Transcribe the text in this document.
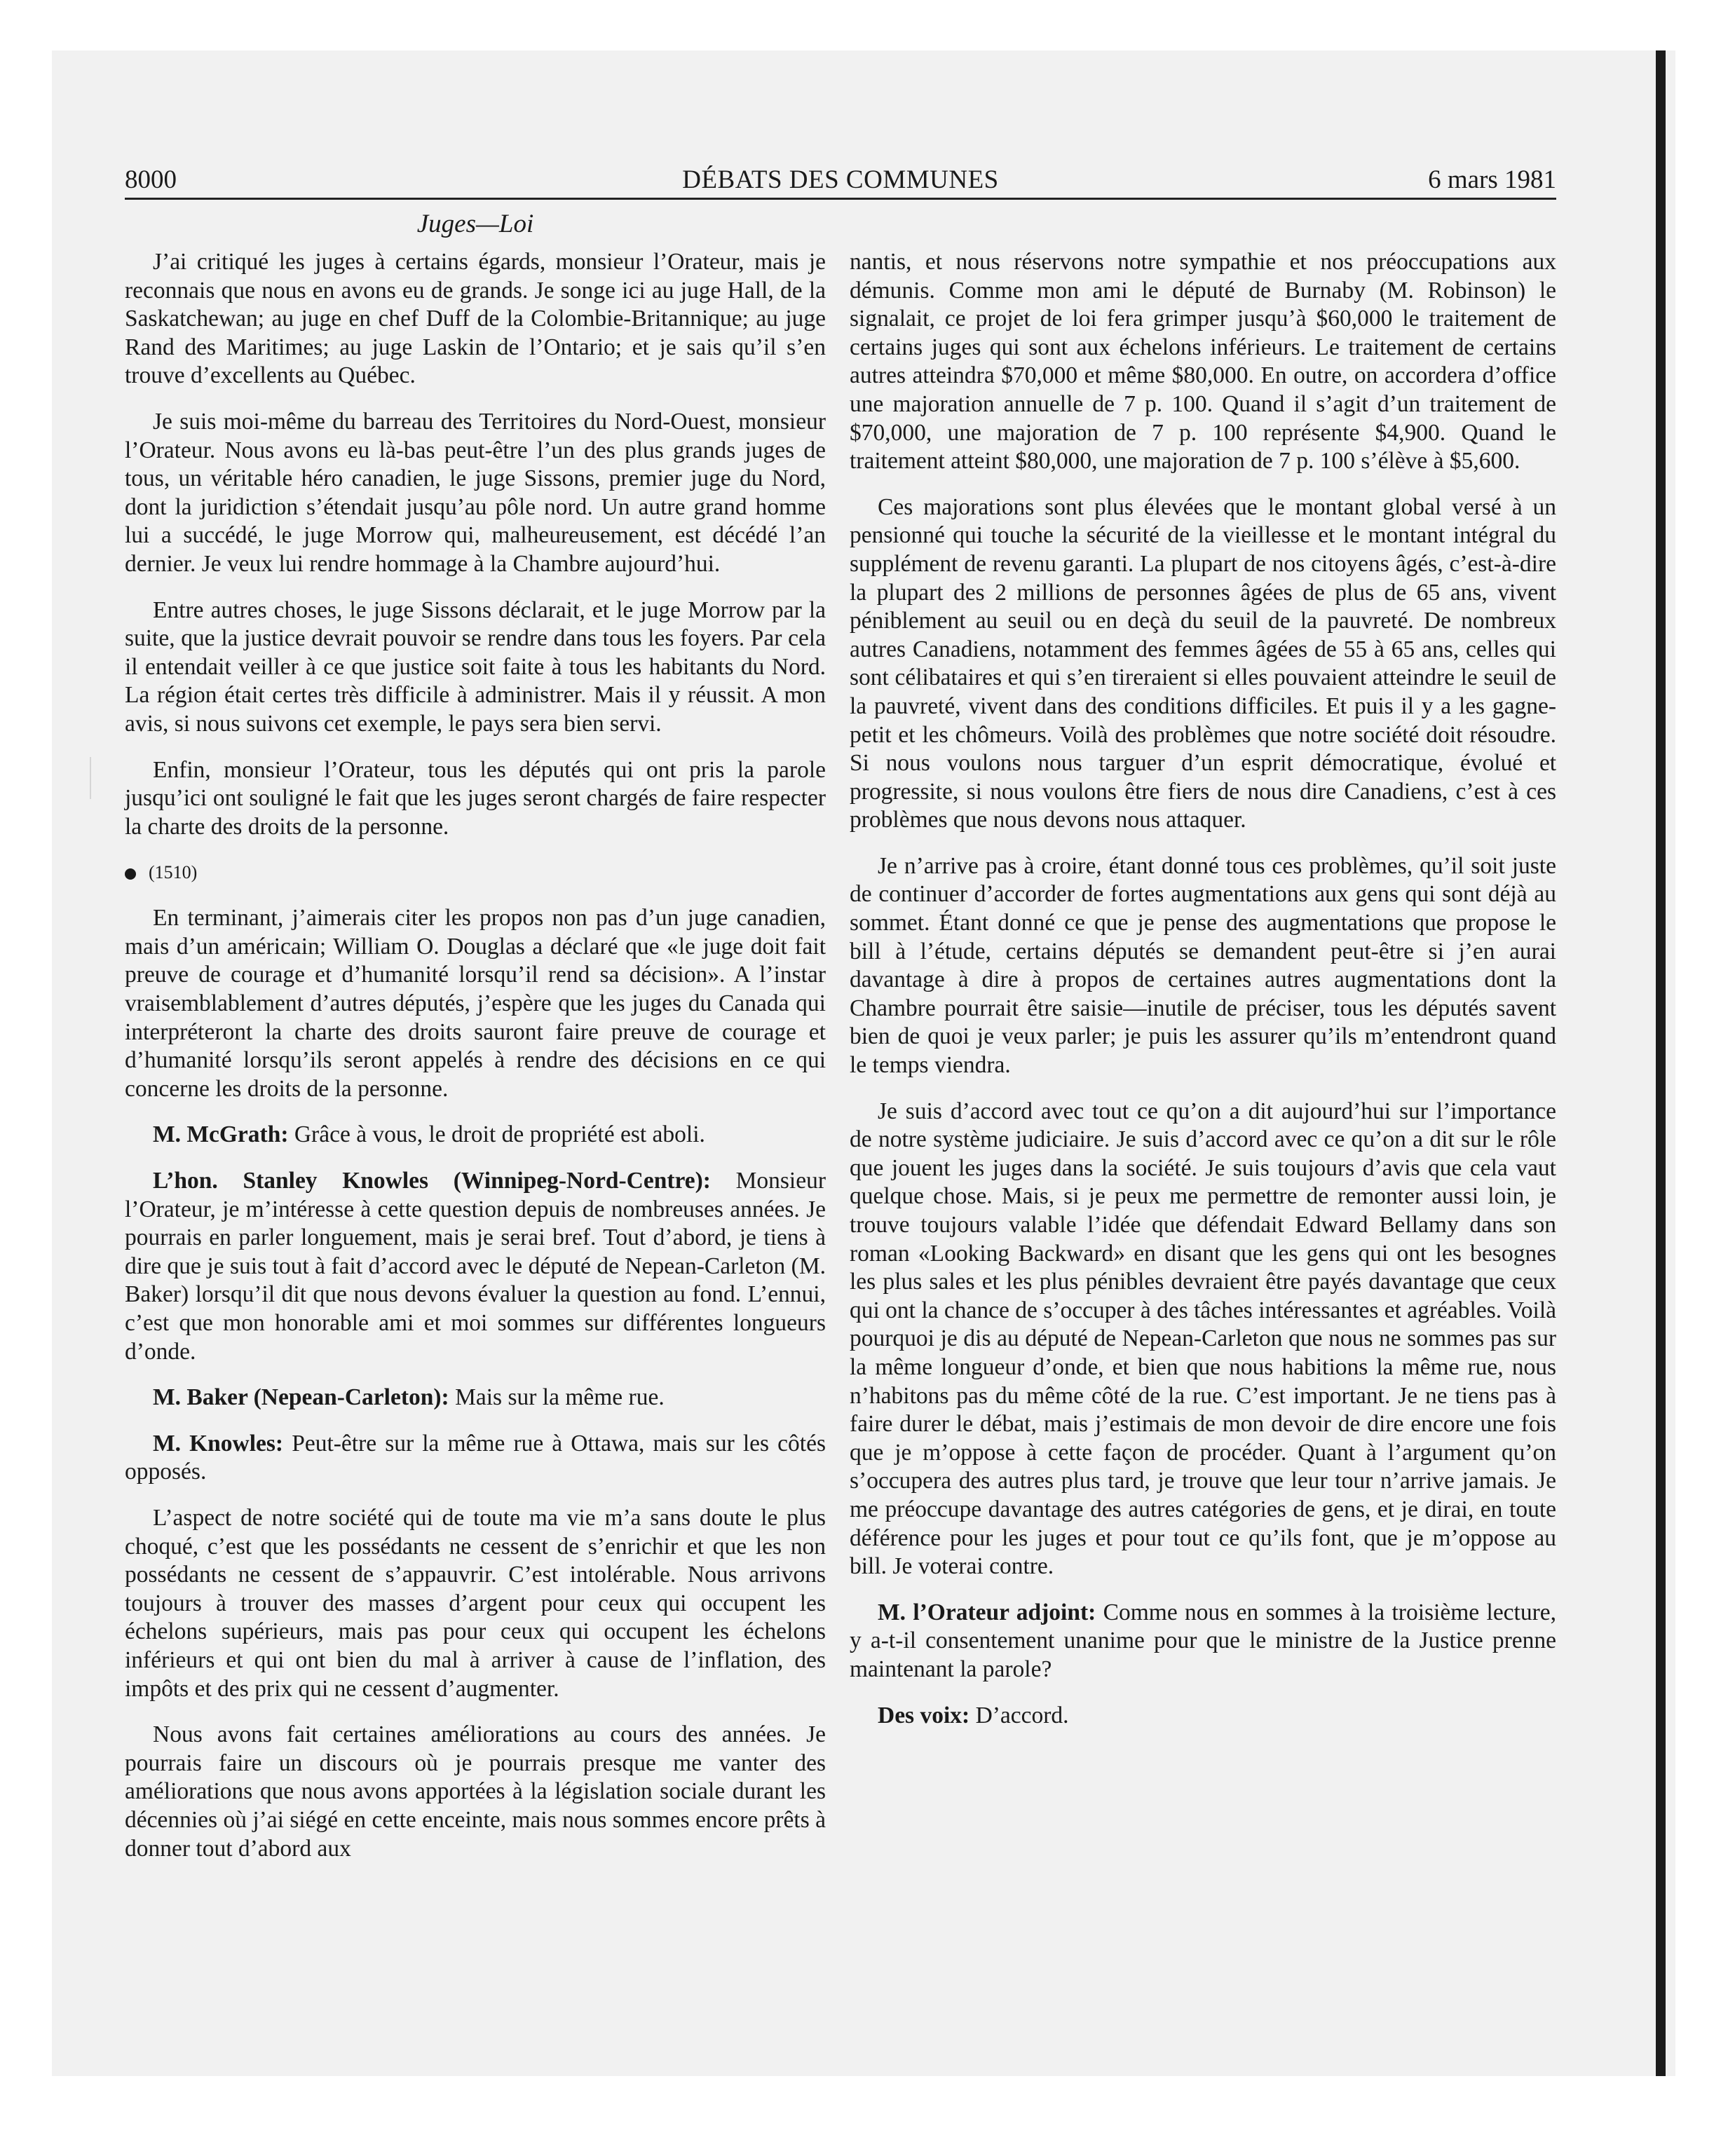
8000	DÉBATS DES COMMUNES	6 mars 1981
Juges—Loi

J’ai critiqué les juges à certains égards, monsieur l’Orateur, mais je reconnais que nous en avons eu de grands. Je songe ici au juge Hall, de la Saskatchewan; au juge en chef Duff de la Colombie-Britannique; au juge Rand des Maritimes; au juge Laskin de l’Ontario; et je sais qu’il s’en trouve d’excellents au Québec.

Je suis moi-même du barreau des Territoires du Nord-Ouest, monsieur l’Orateur. Nous avons eu là-bas peut-être l’un des plus grands juges de tous, un véritable héro canadien, le juge Sissons, premier juge du Nord, dont la juridiction s’étendait jusqu’au pôle nord. Un autre grand homme lui a succédé, le juge Morrow qui, malheureusement, est décédé l’an dernier. Je veux lui rendre hommage à la Chambre aujourd’hui.

Entre autres choses, le juge Sissons déclarait, et le juge Morrow par la suite, que la justice devrait pouvoir se rendre dans tous les foyers. Par cela il entendait veiller à ce que justice soit faite à tous les habitants du Nord. La région était certes très difficile à administrer. Mais il y réussit. A mon avis, si nous suivons cet exemple, le pays sera bien servi.

Enfin, monsieur l’Orateur, tous les députés qui ont pris la parole jusqu’ici ont souligné le fait que les juges seront chargés de faire respecter la charte des droits de la personne.

(1510)

En terminant, j’aimerais citer les propos non pas d’un juge canadien, mais d’un américain; William O. Douglas a déclaré que «le juge doit fait preuve de courage et d’humanité lorsqu’il rend sa décision». A l’instar vraisemblablement d’autres députés, j’espère que les juges du Canada qui interpréteront la charte des droits sauront faire preuve de courage et d’humanité lorsqu’ils seront appelés à rendre des décisions en ce qui concerne les droits de la personne.

M. McGrath: Grâce à vous, le droit de propriété est aboli.

L’hon. Stanley Knowles (Winnipeg-Nord-Centre): Monsieur l’Orateur, je m’intéresse à cette question depuis de nombreuses années. Je pourrais en parler longuement, mais je serai bref. Tout d’abord, je tiens à dire que je suis tout à fait d’accord avec le député de Nepean-Carleton (M. Baker) lorsqu’il dit que nous devons évaluer la question au fond. L’ennui, c’est que mon honorable ami et moi sommes sur différentes longueurs d’onde.

M. Baker (Nepean-Carleton): Mais sur la même rue.

M. Knowles: Peut-être sur la même rue à Ottawa, mais sur les côtés opposés.

L’aspect de notre société qui de toute ma vie m’a sans doute le plus choqué, c’est que les possédants ne cessent de s’enrichir et que les non possédants ne cessent de s’appauvrir. C’est intolérable. Nous arrivons toujours à trouver des masses d’argent pour ceux qui occupent les échelons supérieurs, mais pas pour ceux qui occupent les échelons inférieurs et qui ont bien du mal à arriver à cause de l’inflation, des impôts et des prix qui ne cessent d’augmenter.

Nous avons fait certaines améliorations au cours des années. Je pourrais faire un discours où je pourrais presque me vanter des améliorations que nous avons apportées à la législation sociale durant les décennies où j’ai siégé en cette enceinte, mais nous sommes encore prêts à donner tout d’abord aux

nantis, et nous réservons notre sympathie et nos préoccupations aux démunis. Comme mon ami le député de Burnaby (M. Robinson) le signalait, ce projet de loi fera grimper jusqu’à $60,000 le traitement de certains juges qui sont aux échelons inférieurs. Le traitement de certains autres atteindra $70,000 et même $80,000. En outre, on accordera d’office une majoration annuelle de 7 p. 100. Quand il s’agit d’un traitement de $70,000, une majoration de 7 p. 100 représente $4,900. Quand le traitement atteint $80,000, une majoration de 7 p. 100 s’élève à $5,600.

Ces majorations sont plus élevées que le montant global versé à un pensionné qui touche la sécurité de la vieillesse et le montant intégral du supplément de revenu garanti. La plupart de nos citoyens âgés, c’est-à-dire la plupart des 2 millions de personnes âgées de plus de 65 ans, vivent péniblement au seuil ou en deçà du seuil de la pauvreté. De nombreux autres Canadiens, notamment des femmes âgées de 55 à 65 ans, celles qui sont célibataires et qui s’en tireraient si elles pouvaient atteindre le seuil de la pauvreté, vivent dans des conditions difficiles. Et puis il y a les gagne-petit et les chômeurs. Voilà des problèmes que notre société doit résoudre. Si nous voulons nous targuer d’un esprit démocratique, évolué et progressite, si nous voulons être fiers de nous dire Canadiens, c’est à ces problèmes que nous devons nous attaquer.

Je n’arrive pas à croire, étant donné tous ces problèmes, qu’il soit juste de continuer d’accorder de fortes augmentations aux gens qui sont déjà au sommet. Étant donné ce que je pense des augmentations que propose le bill à l’étude, certains députés se demandent peut-être si j’en aurai davantage à dire à propos de certaines autres augmentations dont la Chambre pourrait être saisie—inutile de préciser, tous les députés savent bien de quoi je veux parler; je puis les assurer qu’ils m’entendront quand le temps viendra.

Je suis d’accord avec tout ce qu’on a dit aujourd’hui sur l’importance de notre système judiciaire. Je suis d’accord avec ce qu’on a dit sur le rôle que jouent les juges dans la société. Je suis toujours d’avis que cela vaut quelque chose. Mais, si je peux me permettre de remonter aussi loin, je trouve toujours valable l’idée que défendait Edward Bellamy dans son roman «Looking Backward» en disant que les gens qui ont les besognes les plus sales et les plus pénibles devraient être payés davantage que ceux qui ont la chance de s’occuper à des tâches intéressantes et agréables. Voilà pourquoi je dis au député de Nepean-Carleton que nous ne sommes pas sur la même longueur d’onde, et bien que nous habitions la même rue, nous n’habitons pas du même côté de la rue. C’est important. Je ne tiens pas à faire durer le débat, mais j’estimais de mon devoir de dire encore une fois que je m’oppose à cette façon de procéder. Quant à l’argument qu’on s’occupera des autres plus tard, je trouve que leur tour n’arrive jamais. Je me préoccupe davantage des autres catégories de gens, et je dirai, en toute déférence pour les juges et pour tout ce qu’ils font, que je m’oppose au bill. Je voterai contre.

M. l’Orateur adjoint: Comme nous en sommes à la troisième lecture, y a-t-il consentement unanime pour que le ministre de la Justice prenne maintenant la parole?

Des voix: D’accord.
